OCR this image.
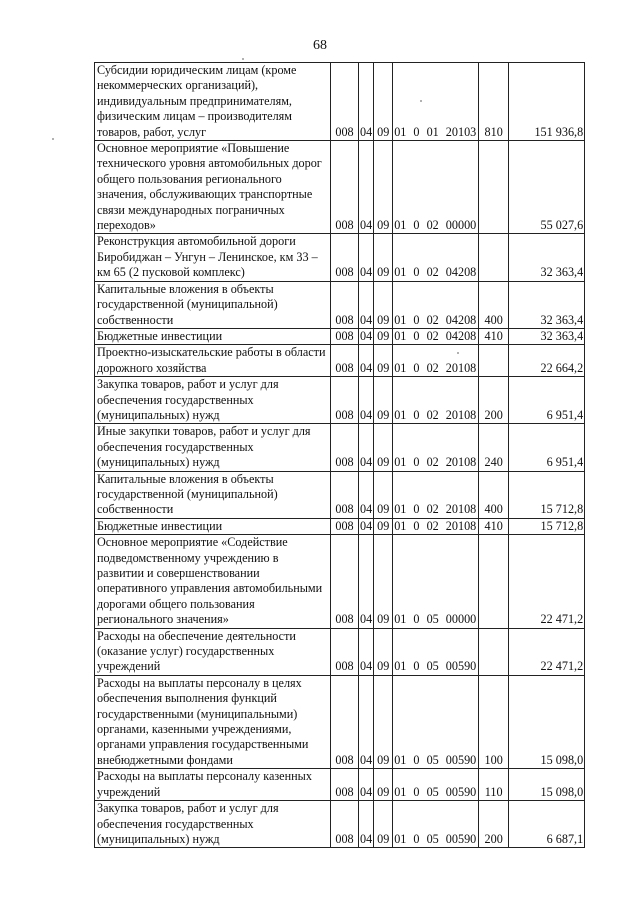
68
Субсидии юридическим лицам (кроме некоммерческих организаций), индивидуальным предпринимателям, физическим лицам – производителям товаров, работ, услуг	008	04	09	01 0 01 20103	810	151 936,8
Основное мероприятие «Повышение технического уровня автомобильных дорог общего пользования регионального значения, обслуживающих транспортные связи международных пограничных переходов»	008	04	09	01 0 02 00000		55 027,6
Реконструкция автомобильной дороги Биробиджан – Унгун – Ленинское, км 33 – км 65 (2 пусковой комплекс)	008	04	09	01 0 02 04208		32 363,4
Капитальные вложения в объекты государственной (муниципальной) собственности	008	04	09	01 0 02 04208	400	32 363,4
Бюджетные инвестиции	008	04	09	01 0 02 04208	410	32 363,4
Проектно-изыскательские работы в области дорожного хозяйства	008	04	09	01 0 02 20108		22 664,2
Закупка товаров, работ и услуг для обеспечения государственных (муниципальных) нужд	008	04	09	01 0 02 20108	200	6 951,4
Иные закупки товаров, работ и услуг для обеспечения государственных (муниципальных) нужд	008	04	09	01 0 02 20108	240	6 951,4
Капитальные вложения в объекты государственной (муниципальной) собственности	008	04	09	01 0 02 20108	400	15 712,8
Бюджетные инвестиции	008	04	09	01 0 02 20108	410	15 712,8
Основное мероприятие «Содействие подведомственному учреждению в развитии и совершенствовании оперативного управления автомобильными дорогами общего пользования регионального значения»	008	04	09	01 0 05 00000		22 471,2
Расходы на обеспечение деятельности (оказание услуг) государственных учреждений	008	04	09	01 0 05 00590		22 471,2
Расходы на выплаты персоналу в целях обеспечения выполнения функций государственными (муниципальными) органами, казенными учреждениями, органами управления государственными внебюджетными фондами	008	04	09	01 0 05 00590	100	15 098,0
Расходы на выплаты персоналу казенных учреждений	008	04	09	01 0 05 00590	110	15 098,0
Закупка товаров, работ и услуг для обеспечения государственных (муниципальных) нужд	008	04	09	01 0 05 00590	200	6 687,1
